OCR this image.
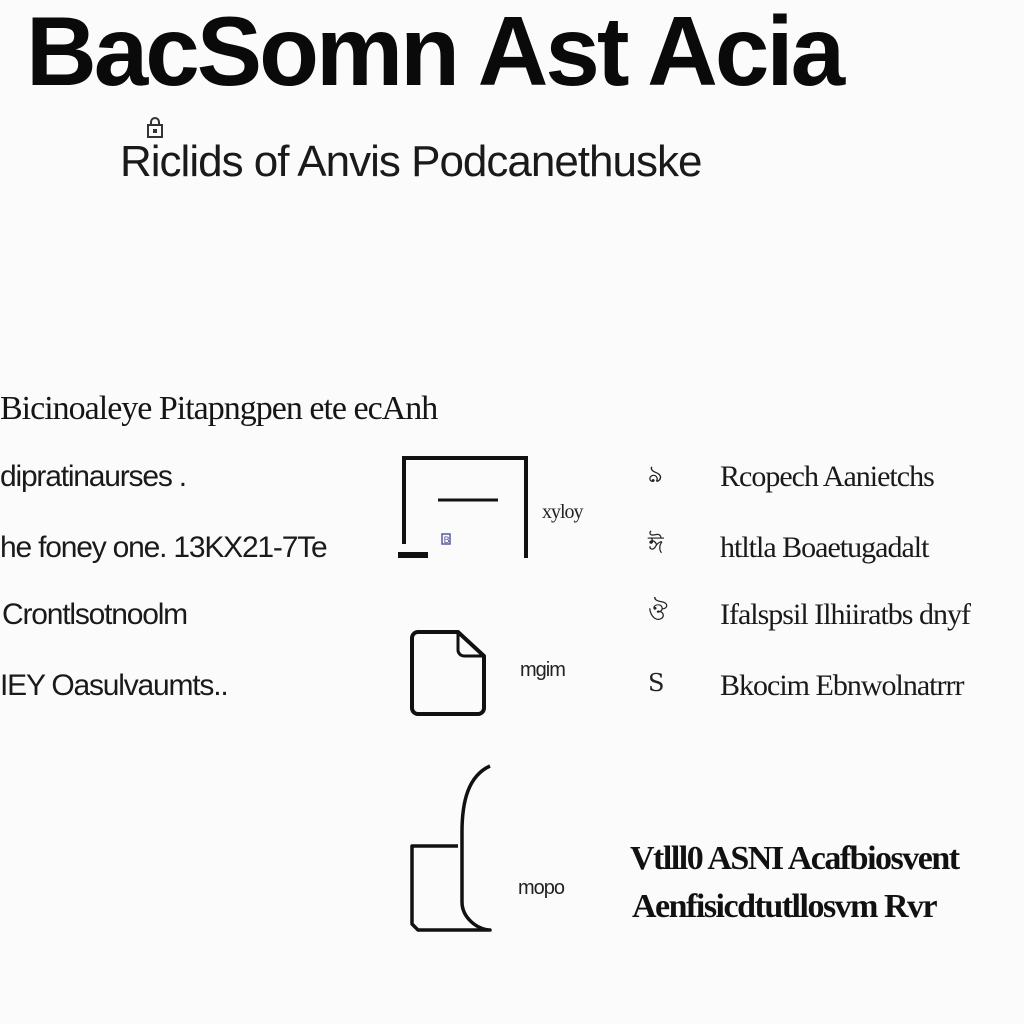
BacSomn Ast Acia
Riclids of Anvis Podcanethuske
Bicinoaleye Pitapngpen ete ecAnh
dipratinaurses .
he foney one. 13KX21-7Te
Crontlsotnoolm
IEY Oasulvaumts..
B
xyloy
mgim
mopo
ঌ
ঈ
ঔ
S
Rcopech Aanietchs
htltla Boaetugadalt
Ifalspsil Ilhiiratbs dnyf
Bkocim Ebnwolnatrrr
Vtlll0 ASNI Acafbiosvent
Aenfisicdtutllosvm Rvr
